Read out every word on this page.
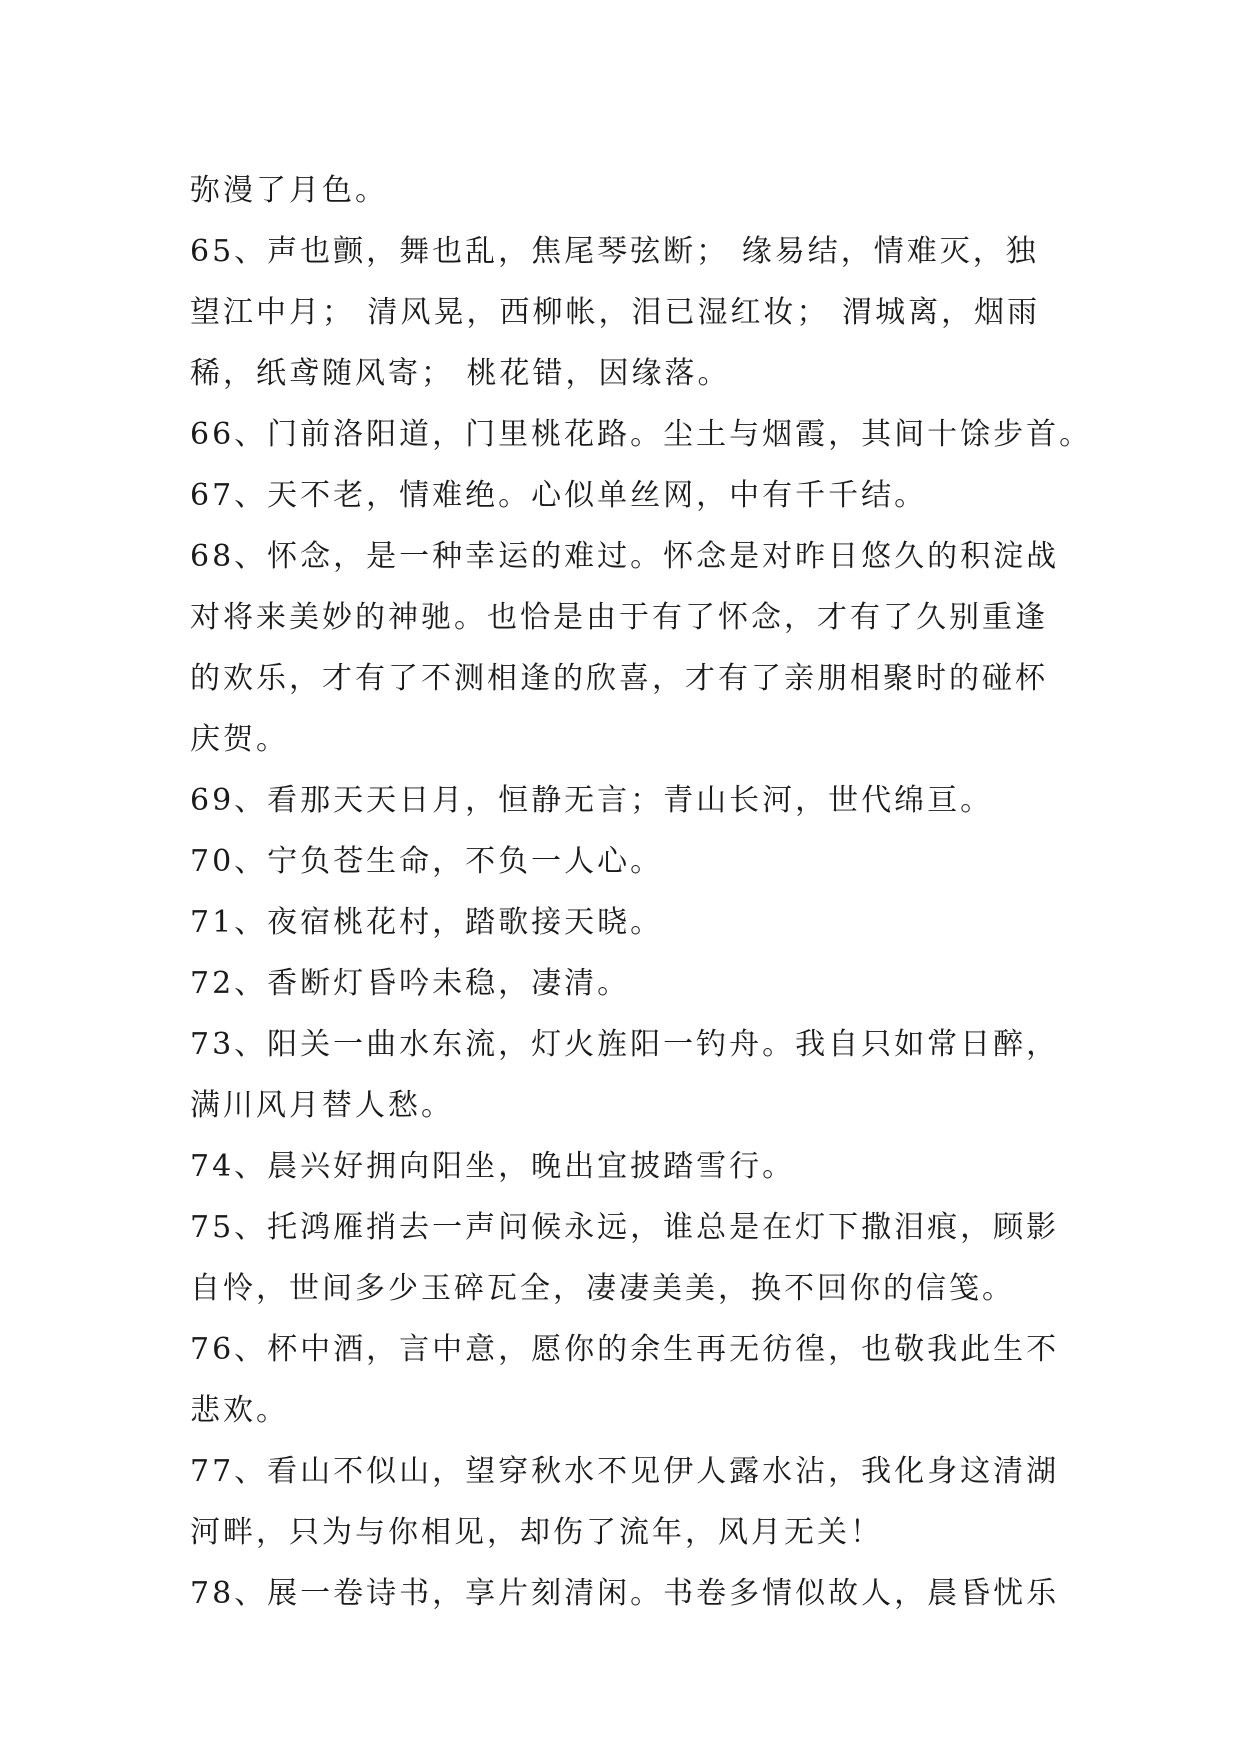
弥漫了月色。
65、声也颤，舞也乱，焦尾琴弦断； 缘易结，情难灭，独
望江中月； 清风晃，西柳帐，泪已湿红妆； 渭城离，烟雨
稀，纸鸢随风寄； 桃花错，因缘落。
66、门前洛阳道，门里桃花路。尘土与烟霞，其间十馀步首。
67、天不老，情难绝。心似单丝网，中有千千结。
68、怀念，是一种幸运的难过。怀念是对昨日悠久的积淀战
对将来美妙的神驰。也恰是由于有了怀念，才有了久别重逢
的欢乐，才有了不测相逢的欣喜，才有了亲朋相聚时的碰杯
庆贺。
69、看那天天日月，恒静无言；青山长河，世代绵亘。
70、宁负苍生命，不负一人心。
71、夜宿桃花村，踏歌接天晓。
72、香断灯昏吟未稳，凄清。
73、阳关一曲水东流，灯火旌阳一钓舟。我自只如常日醉，
满川风月替人愁。
74、晨兴好拥向阳坐，晚出宜披踏雪行。
75、托鸿雁捎去一声问候永远，谁总是在灯下撒泪痕，顾影
自怜，世间多少玉碎瓦全，凄凄美美，换不回你的信笺。
76、杯中酒，言中意，愿你的余生再无彷徨，也敬我此生不
悲欢。
77、看山不似山，望穿秋水不见伊人露水沾，我化身这清湖
河畔，只为与你相见，却伤了流年，风月无关！
78、展一卷诗书，享片刻清闲。书卷多情似故人，晨昏忧乐
